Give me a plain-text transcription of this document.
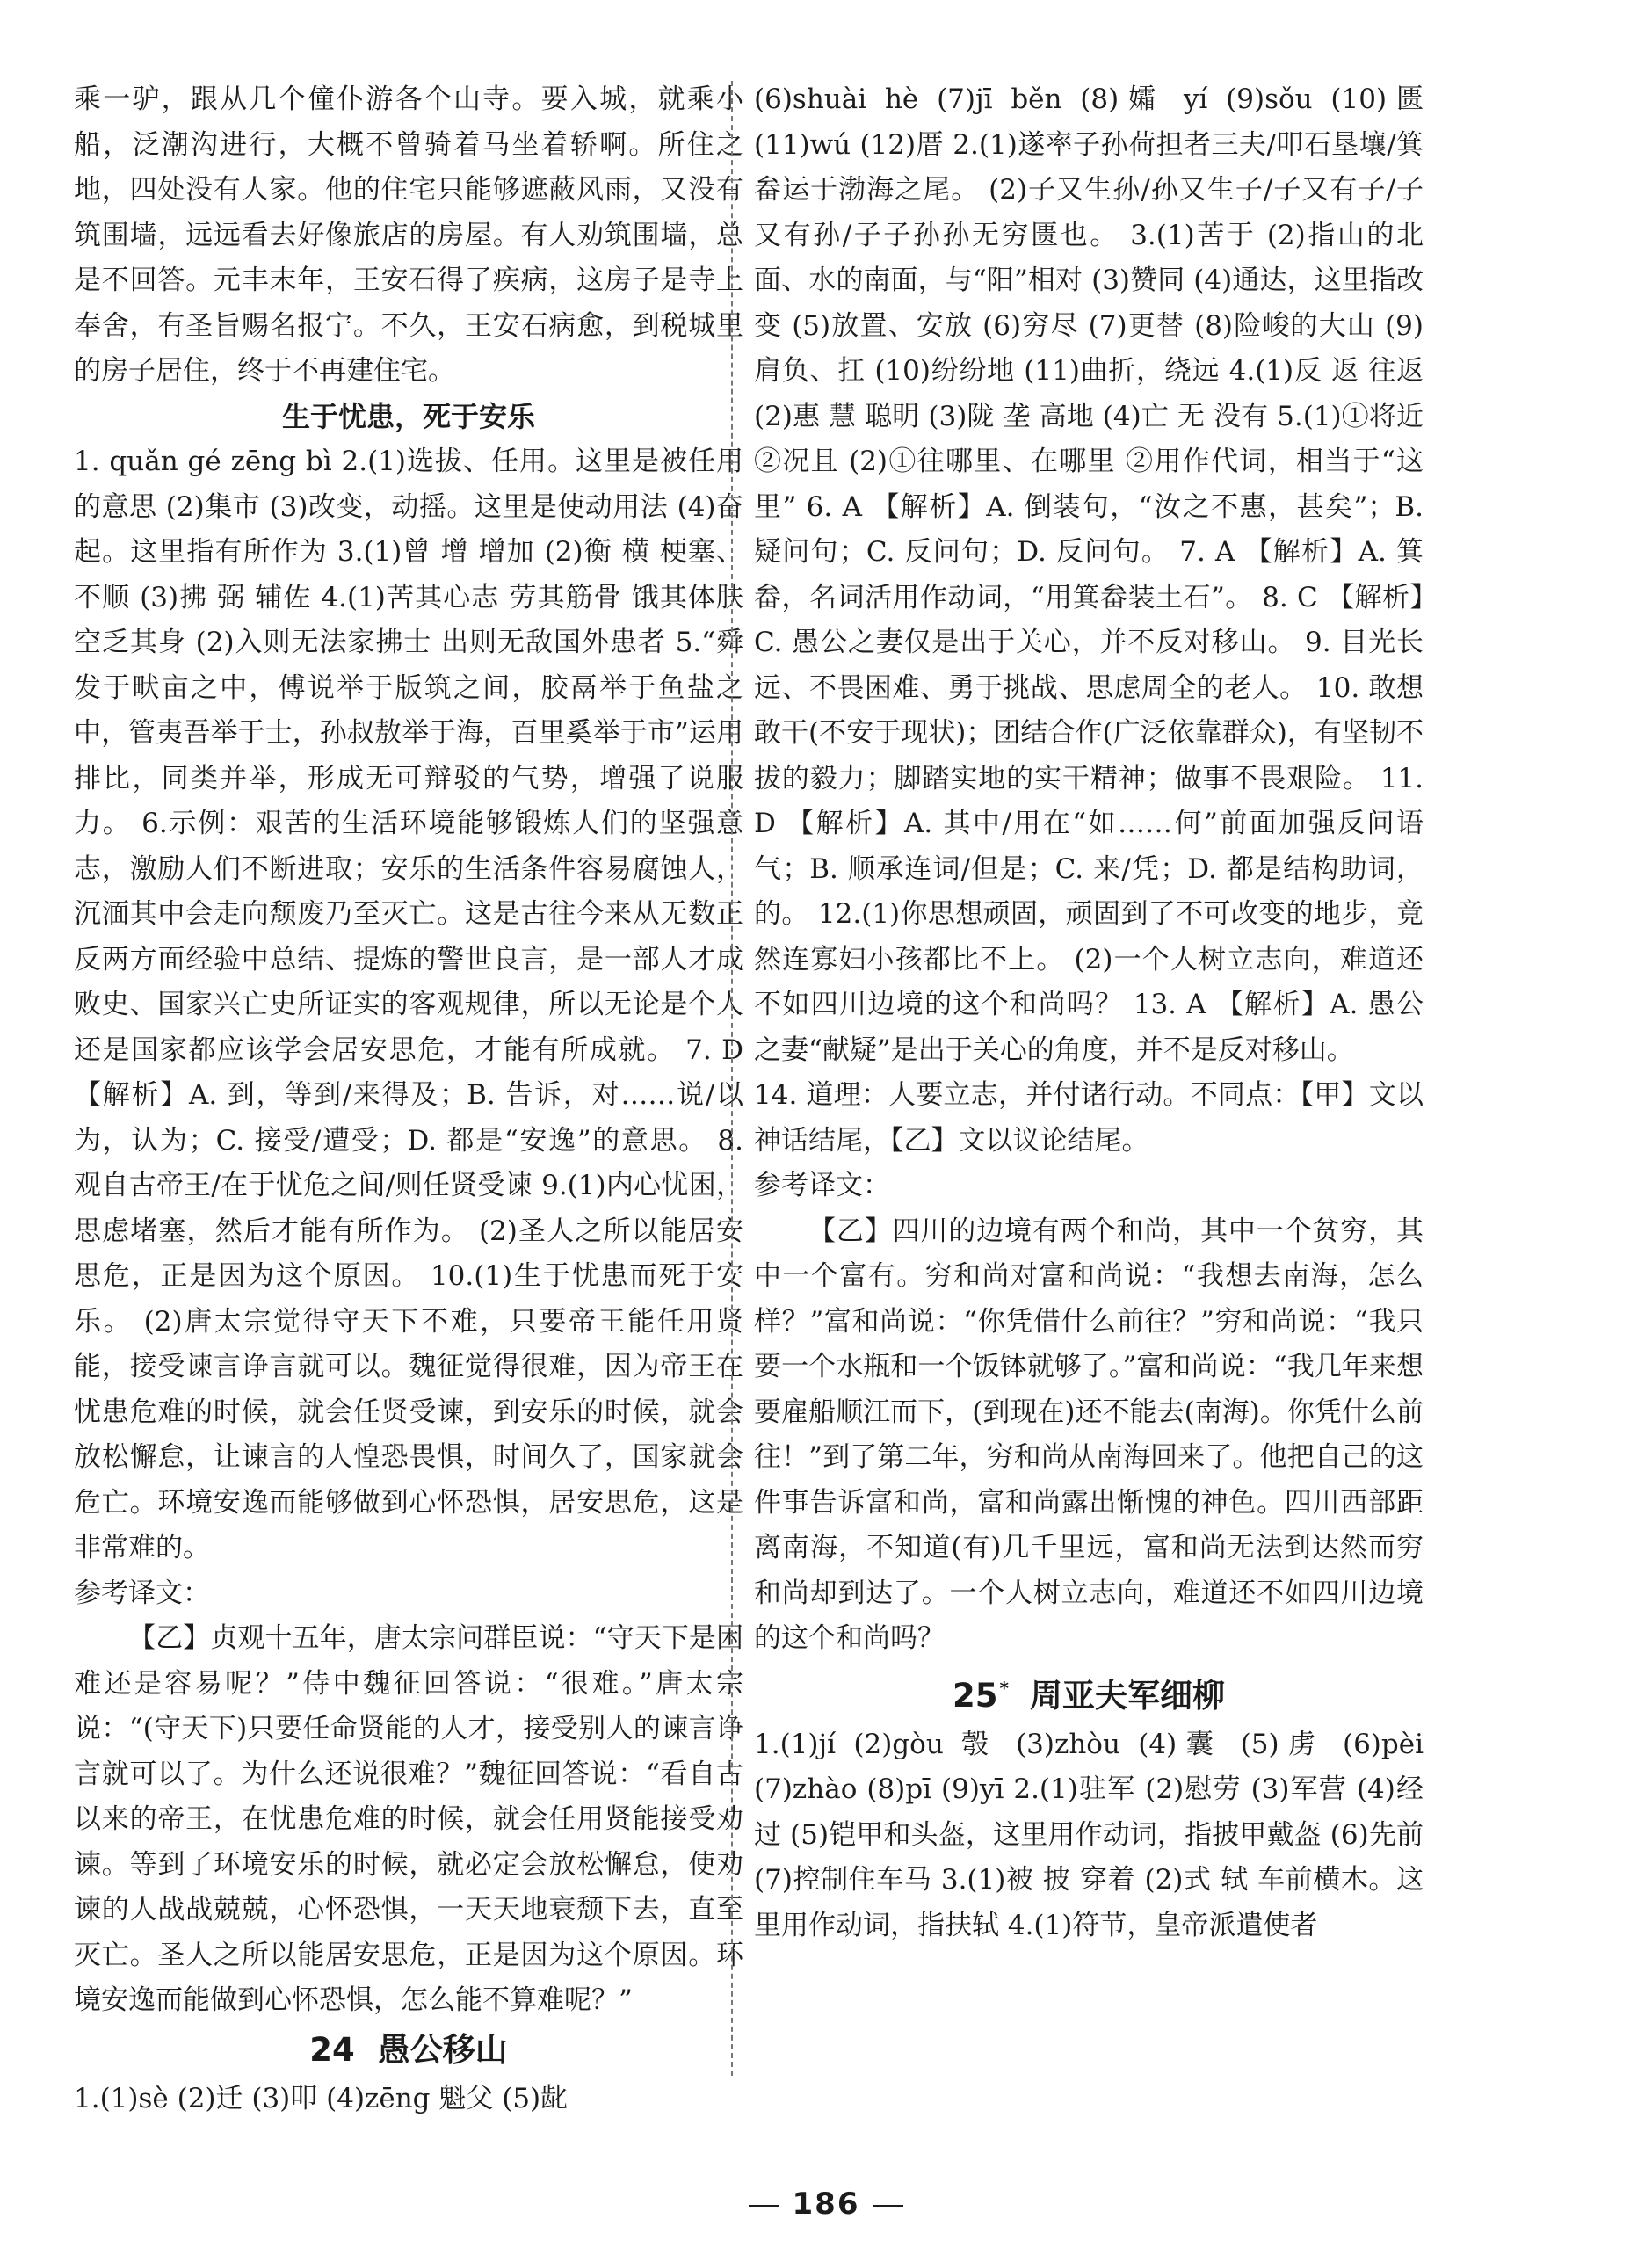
乘一驴，跟从几个僮仆游各个山寺。要入城，就乘小船，泛潮沟进行，大概不曾骑着马坐着轿啊。所住之地，四处没有人家。他的住宅只能够遮蔽风雨，又没有筑围墙，远远看去好像旅店的房屋。有人劝筑围墙，总是不回答。元丰末年，王安石得了疾病，这房子是寺上奉舍，有圣旨赐名报宁。不久，王安石病愈，到税城里的房子居住，终于不再建住宅。

生于忧患，死于安乐

1. quǎn gé zēng bì 2.(1)选拔、任用。这里是被任用的意思 (2)集市 (3)改变，动摇。这里是使动用法 (4)奋起。这里指有所作为 3.(1)曾 增 增加 (2)衡 横 梗塞、不顺 (3)拂 弼 辅佐 4.(1)苦其心志 劳其筋骨 饿其体肤 空乏其身 (2)入则无法家拂士 出则无敌国外患者 5.“舜发于畎亩之中，傅说举于版筑之间，胶鬲举于鱼盐之中，管夷吾举于士，孙叔敖举于海，百里奚举于市”运用排比，同类并举，形成无可辩驳的气势，增强了说服力。 6.示例：艰苦的生活环境能够锻炼人们的坚强意志，激励人们不断进取；安乐的生活条件容易腐蚀人，沉湎其中会走向颓废乃至灭亡。这是古往今来从无数正反两方面经验中总结、提炼的警世良言，是一部人才成败史、国家兴亡史所证实的客观规律，所以无论是个人还是国家都应该学会居安思危，才能有所成就。 7. D 【解析】A. 到，等到/来得及；B. 告诉，对……说/以为，认为；C. 接受/遭受；D. 都是“安逸”的意思。 8. 观自古帝王/在于忧危之间/则任贤受谏 9.(1)内心忧困，思虑堵塞，然后才能有所作为。 (2)圣人之所以能居安思危，正是因为这个原因。 10.(1)生于忧患而死于安乐。 (2)唐太宗觉得守天下不难，只要帝王能任用贤能，接受谏言诤言就可以。魏征觉得很难，因为帝王在忧患危难的时候，就会任贤受谏，到安乐的时候，就会放松懈怠，让谏言的人惶恐畏惧，时间久了，国家就会危亡。环境安逸而能够做到心怀恐惧，居安思危，这是非常难的。

参考译文：

【乙】贞观十五年，唐太宗问群臣说：“守天下是困难还是容易呢？”侍中魏征回答说：“很难。”唐太宗说：“(守天下)只要任命贤能的人才，接受别人的谏言诤言就可以了。为什么还说很难？”魏征回答说：“看自古以来的帝王，在忧患危难的时候，就会任用贤能接受劝谏。等到了环境安乐的时候，就必定会放松懈怠，使劝谏的人战战兢兢，心怀恐惧，一天天地衰颓下去，直至灭亡。圣人之所以能居安思危，正是因为这个原因。环境安逸而能做到心怀恐惧，怎么能不算难呢？”

24 愚公移山

1.(1)sè (2)迁 (3)叩 (4)zēng 魁父 (5)龀

(6)shuài hè (7)jī běn (8)孀 yí (9)sǒu (10)匮 (11)wú (12)厝 2.(1)遂率子孙荷担者三夫/叩石垦壤/箕畚运于渤海之尾。 (2)子又生孙/孙又生子/子又有子/子又有孙/子子孙孙无穷匮也。 3.(1)苦于 (2)指山的北面、水的南面，与“阳”相对 (3)赞同 (4)通达，这里指改变 (5)放置、安放 (6)穷尽 (7)更替 (8)险峻的大山 (9)肩负、扛 (10)纷纷地 (11)曲折，绕远 4.(1)反 返 往返 (2)惠 慧 聪明 (3)陇 垄 高地 (4)亡 无 没有 5.(1)①将近 ②况且 (2)①往哪里、在哪里 ②用作代词，相当于“这里” 6. A 【解析】A. 倒装句，“汝之不惠，甚矣”；B. 疑问句；C. 反问句；D. 反问句。 7. A 【解析】A. 箕畚，名词活用作动词，“用箕畚装土石”。 8. C 【解析】C. 愚公之妻仅是出于关心，并不反对移山。 9. 目光长远、不畏困难、勇于挑战、思虑周全的老人。 10. 敢想敢干(不安于现状)；团结合作(广泛依靠群众)，有坚韧不拔的毅力；脚踏实地的实干精神；做事不畏艰险。 11. D 【解析】A. 其中/用在“如……何”前面加强反问语气；B. 顺承连词/但是；C. 来/凭；D. 都是结构助词，的。 12.(1)你思想顽固，顽固到了不可改变的地步，竟然连寡妇小孩都比不上。 (2)一个人树立志向，难道还不如四川边境的这个和尚吗？ 13. A 【解析】A. 愚公之妻“献疑”是出于关心的角度，并不是反对移山。

14. 道理：人要立志，并付诸行动。不同点：【甲】文以神话结尾，【乙】文以议论结尾。

参考译文：

【乙】四川的边境有两个和尚，其中一个贫穷，其中一个富有。穷和尚对富和尚说：“我想去南海，怎么样？”富和尚说：“你凭借什么前往？”穷和尚说：“我只要一个水瓶和一个饭钵就够了。”富和尚说：“我几年来想要雇船顺江而下，(到现在)还不能去(南海)。你凭什么前往！”到了第二年，穷和尚从南海回来了。他把自己的这件事告诉富和尚，富和尚露出惭愧的神色。四川西部距离南海，不知道(有)几千里远，富和尚无法到达然而穷和尚却到达了。一个人树立志向，难道还不如四川边境的这个和尚吗？

25 * 周亚夫军细柳

1.(1)jí (2)gòu 彀 (3)zhòu (4)囊 (5)虏 (6)pèi (7)zhào (8)pī (9)yī 2.(1)驻军 (2)慰劳 (3)军营 (4)经过 (5)铠甲和头盔，这里用作动词，指披甲戴盔 (6)先前 (7)控制住车马 3.(1)被 披 穿着 (2)式 轼 车前横木。这里用作动词，指扶轼 4.(1)符节，皇帝派遣使者

186
